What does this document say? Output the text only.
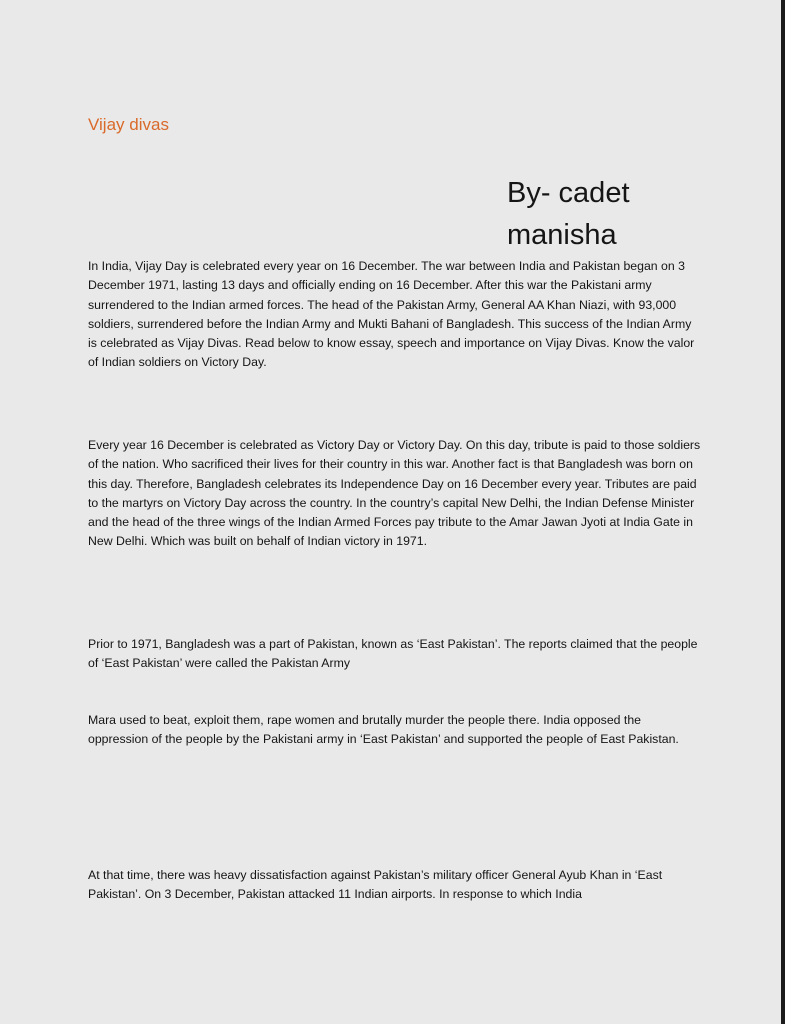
Vijay divas

By- cadet manisha

In India, Vijay Day is celebrated every year on 16 December. The war between India and Pakistan began on 3 December 1971, lasting 13 days and officially ending on 16 December. After this war the Pakistani army surrendered to the Indian armed forces. The head of the Pakistan Army, General AA Khan Niazi, with 93,000 soldiers, surrendered before the Indian Army and Mukti Bahani of Bangladesh. This success of the Indian Army is celebrated as Vijay Divas. Read below to know essay, speech and importance on Vijay Divas. Know the valor of Indian soldiers on Victory Day.

Every year 16 December is celebrated as Victory Day or Victory Day. On this day, tribute is paid to those soldiers of the nation. Who sacrificed their lives for their country in this war. Another fact is that Bangladesh was born on this day. Therefore, Bangladesh celebrates its Independence Day on 16 December every year. Tributes are paid to the martyrs on Victory Day across the country. In the country’s capital New Delhi, the Indian Defense Minister and the head of the three wings of the Indian Armed Forces pay tribute to the Amar Jawan Jyoti at India Gate in New Delhi. Which was built on behalf of Indian victory in 1971.

Prior to 1971, Bangladesh was a part of Pakistan, known as ‘East Pakistan’. The reports claimed that the people of ‘East Pakistan’ were called the Pakistan Army

Mara used to beat, exploit them, rape women and brutally murder the people there. India opposed the oppression of the people by the Pakistani army in ‘East Pakistan’ and supported the people of East Pakistan.

At that time, there was heavy dissatisfaction against Pakistan’s military officer General Ayub Khan in ‘East Pakistan’. On 3 December, Pakistan attacked 11 Indian airports. In response to which India
